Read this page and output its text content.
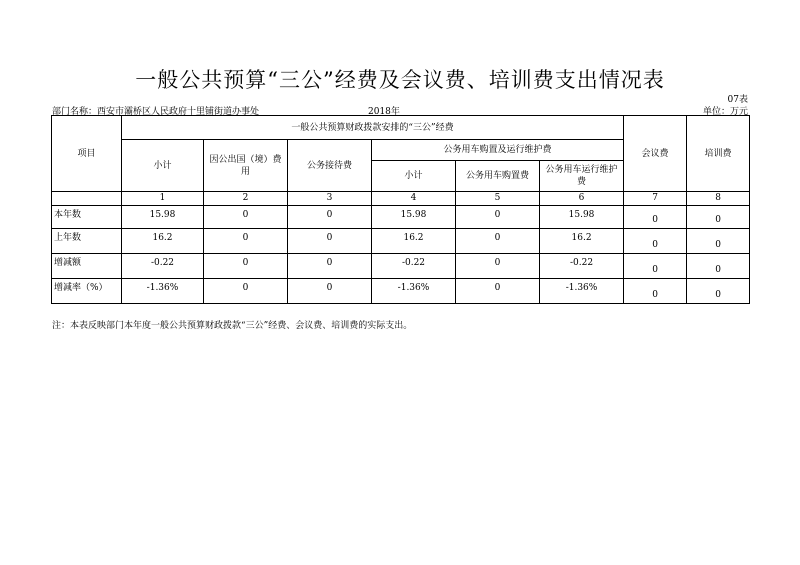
一般公共预算“三公”经费及会议费、培训费支出情况表
07表
部门名称：西安市灞桥区人民政府十里铺街道办事处	2018年	单位：万元
项目	一般公共预算财政拨款安排的“三公”经费						会议费	培训费
	小计	因公出国（境）费用	公务接待费	公务用车购置及运行维护费				
				小计	公务用车购置费	公务用车运行维护费		
	1	2	3	4	5	6	7	8
本年数	15.98	0	0	15.98	0	15.98	0	0
上年数	16.2	0	0	16.2	0	16.2	0	0
增减额	-0.22	0	0	-0.22	0	-0.22	0	0
增减率（%）	-1.36%	0	0	-1.36%	0	-1.36%	0	0
注：本表反映部门本年度一般公共预算财政拨款“三公”经费、会议费、培训费的实际支出。
